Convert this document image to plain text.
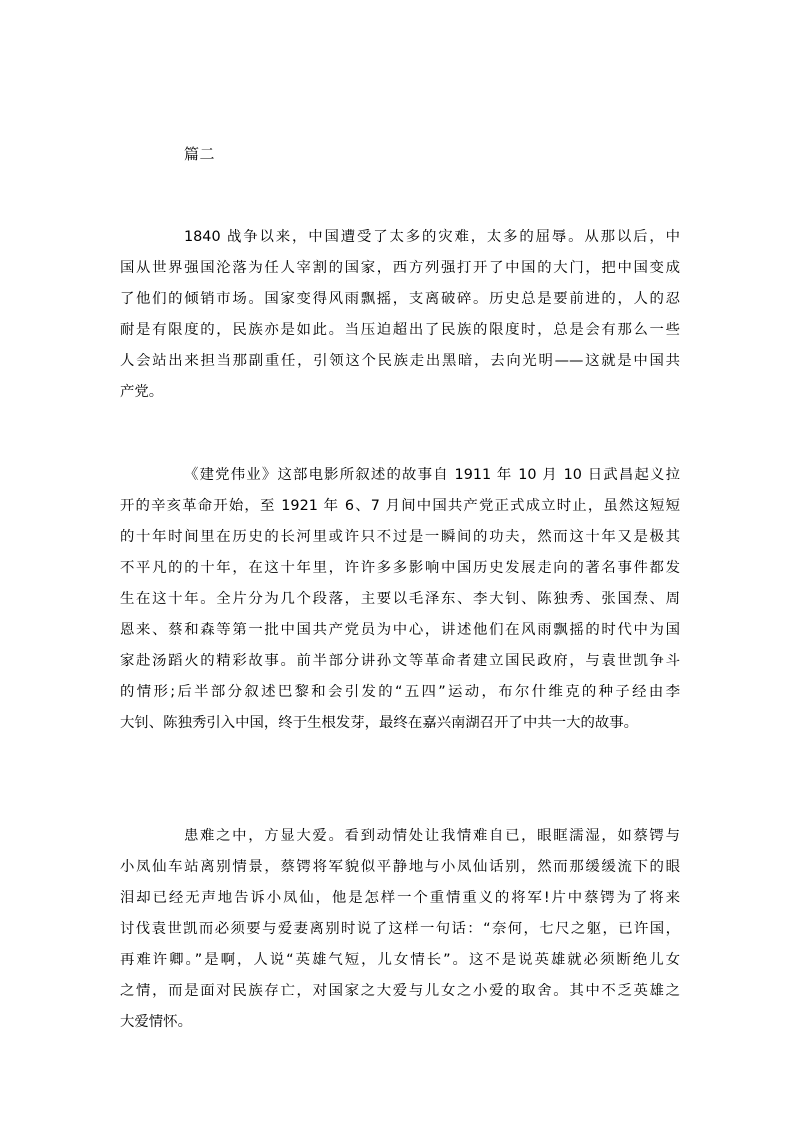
篇二
1840 战争以来，中国遭受了太多的灾难，太多的屈辱。从那以后，中
国从世界强国沦落为任人宰割的国家，西方列强打开了中国的大门，把中国变成
了他们的倾销市场。国家变得风雨飘摇，支离破碎。历史总是要前进的，人的忍
耐是有限度的，民族亦是如此。当压迫超出了民族的限度时，总是会有那么一些
人会站出来担当那副重任，引领这个民族走出黑暗，去向光明——这就是中国共
产党。
《建党伟业》这部电影所叙述的故事自 1911 年 10 月 10 日武昌起义拉
开的辛亥革命开始，至 1921 年 6、7 月间中国共产党正式成立时止，虽然这短短
的十年时间里在历史的长河里或许只不过是一瞬间的功夫，然而这十年又是极其
不平凡的的十年，在这十年里，许许多多影响中国历史发展走向的著名事件都发
生在这十年。全片分为几个段落，主要以毛泽东、李大钊、陈独秀、张国焘、周
恩来、蔡和森等第一批中国共产党员为中心，讲述他们在风雨飘摇的时代中为国
家赴汤蹈火的精彩故事。前半部分讲孙文等革命者建立国民政府，与袁世凯争斗
的情形;后半部分叙述巴黎和会引发的“五四”运动，布尔什维克的种子经由李
大钊、陈独秀引入中国，终于生根发芽，最终在嘉兴南湖召开了中共一大的故事。
患难之中，方显大爱。看到动情处让我情难自已，眼眶濡湿，如蔡锷与
小凤仙车站离别情景，蔡锷将军貌似平静地与小凤仙话别，然而那缓缓流下的眼
泪却已经无声地告诉小凤仙，他是怎样一个重情重义的将军!片中蔡锷为了将来
讨伐袁世凯而必须要与爱妻离别时说了这样一句话：“奈何，七尺之躯，已许国，
再难许卿。”是啊，人说“英雄气短，儿女情长”。这不是说英雄就必须断绝儿女
之情，而是面对民族存亡，对国家之大爱与儿女之小爱的取舍。其中不乏英雄之
大爱情怀。
